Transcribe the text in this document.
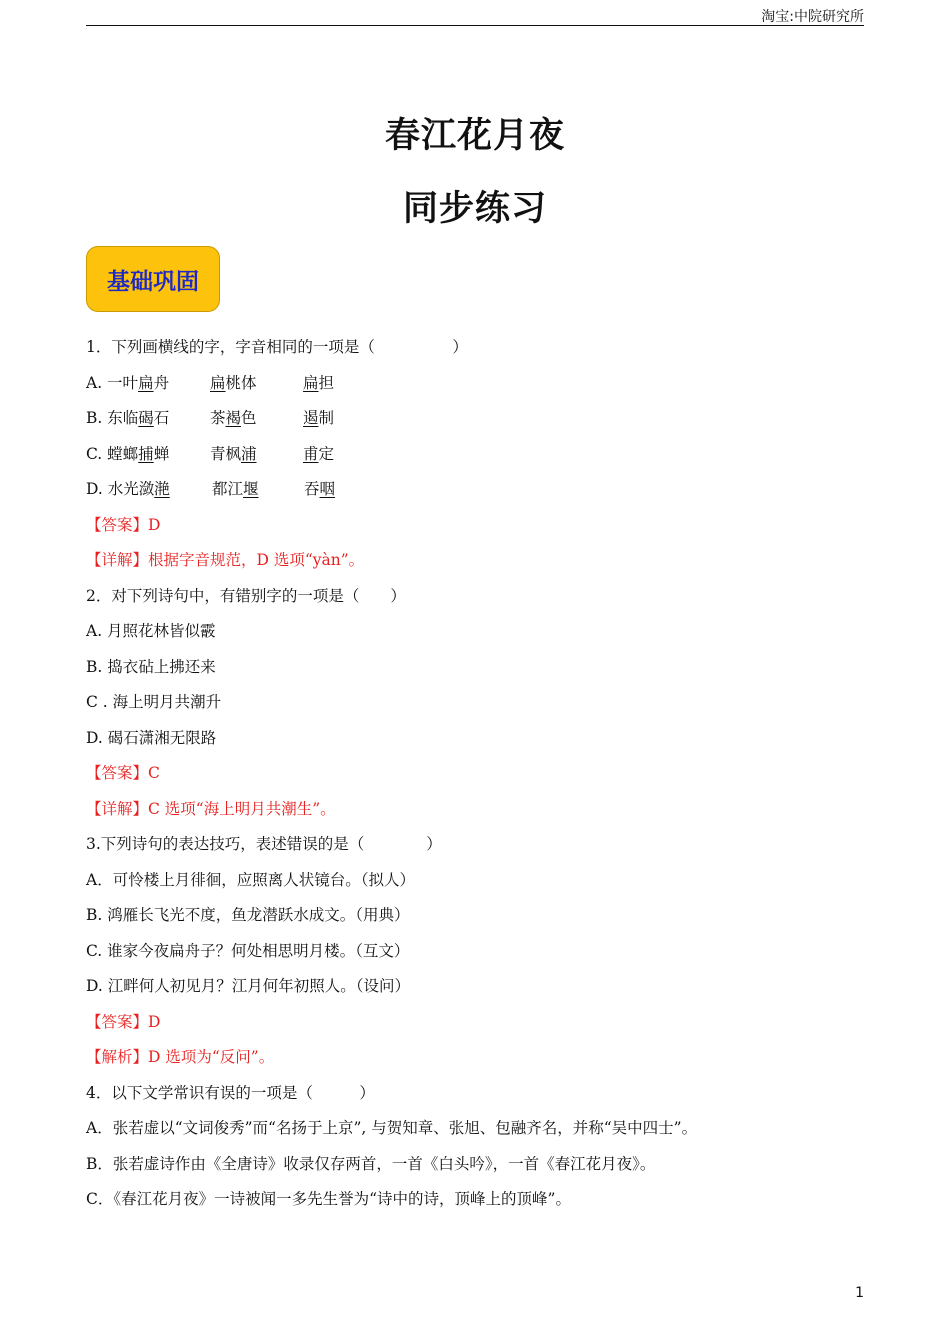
淘宝:中院研究所
春江花月夜
同步练习
基础巩固
1．下列画横线的字，字音相同的一项是（　　　　　）
A. 一叶扁舟	扁桃体	扁担
B. 东临碣石	茶褐色	遏制
C. 螳螂捕蝉	青枫浦	甫定
D. 水光潋滟	都江堰	吞咽
【答案】D
【详解】根据字音规范，D 选项“yàn”。
2．对下列诗句中，有错别字的一项是（　　）
A. 月照花林皆似霰
B. 捣衣砧上拂还来
C . 海上明月共潮升
D. 碣石潇湘无限路
【答案】C
【详解】C 选项“海上明月共潮生”。
3.下列诗句的表达技巧，表述错误的是（　　　　）
A．可怜楼上月徘徊，应照离人状镜台。（拟人）
B. 鸿雁长飞光不度，鱼龙潜跃水成文。（用典）
C. 谁家今夜扁舟子？何处相思明月楼。（互文）
D. 江畔何人初见月？江月何年初照人。（设问）
【答案】D
【解析】D 选项为“反问”。
4．以下文学常识有误的一项是（　　　）
A．张若虚以“文词俊秀”而“名扬于上京”, 与贺知章、张旭、包融齐名，并称“吴中四士”。
B．张若虚诗作由《全唐诗》收录仅存两首，一首《白头吟》，一首《春江花月夜》。
C．《春江花月夜》一诗被闻一多先生誉为“诗中的诗，顶峰上的顶峰”。
1
